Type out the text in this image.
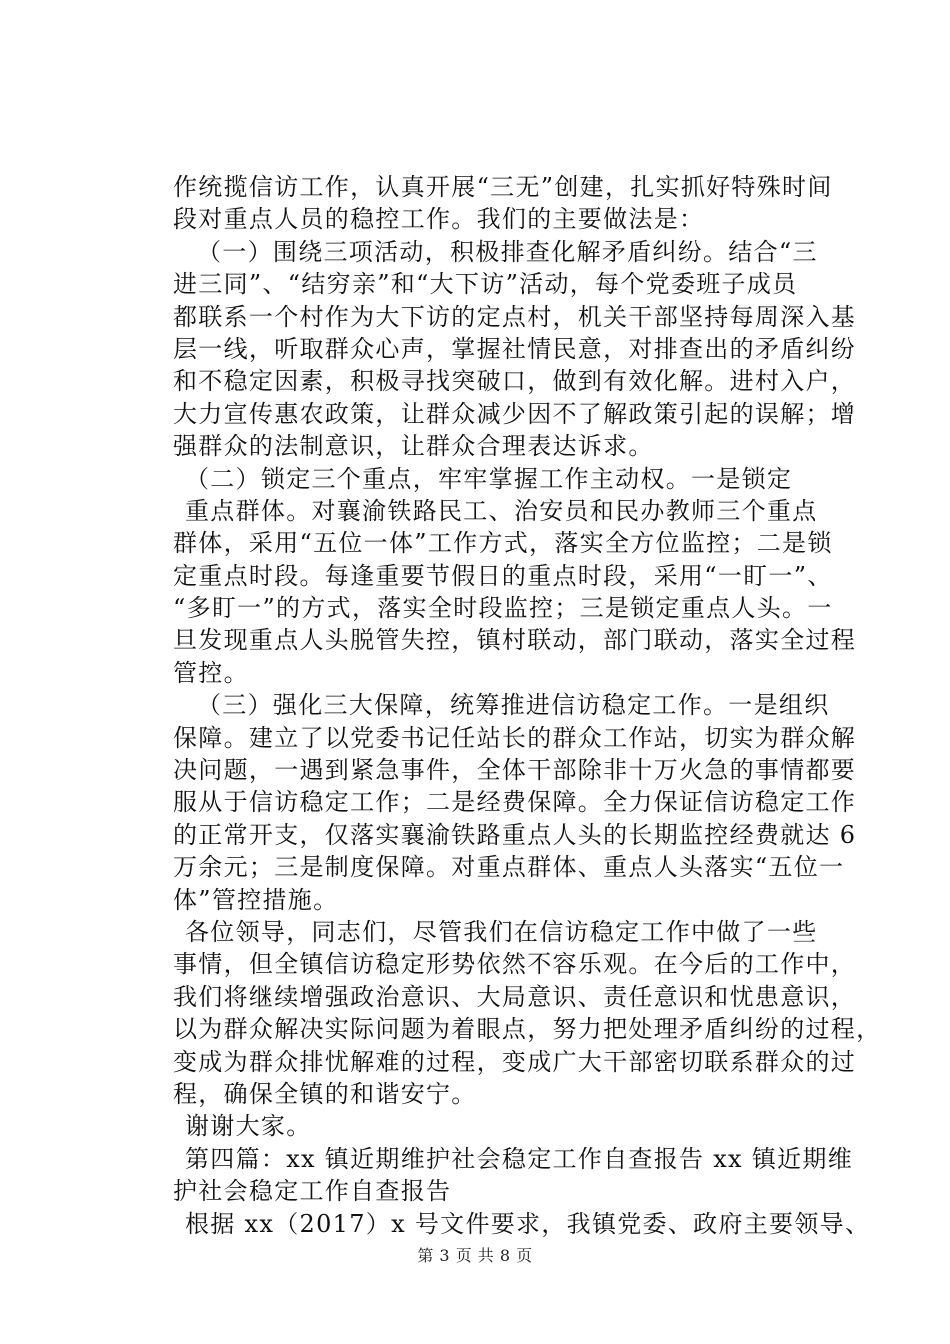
作统揽信访工作，认真开展“三无”创建，扎实抓好特殊时间
段对重点人员的稳控工作。我们的主要做法是：
（一）围绕三项活动，积极排查化解矛盾纠纷。结合“三
进三同”、“结穷亲”和“大下访”活动，每个党委班子成员
都联系一个村作为大下访的定点村，机关干部坚持每周深入基
层一线，听取群众心声，掌握社情民意，对排查出的矛盾纠纷
和不稳定因素，积极寻找突破口，做到有效化解。进村入户，
大力宣传惠农政策，让群众减少因不了解政策引起的误解；增
强群众的法制意识，让群众合理表达诉求。
（二）锁定三个重点，牢牢掌握工作主动权。一是锁定
重点群体。对襄渝铁路民工、治安员和民办教师三个重点
群体，采用“五位一体”工作方式，落实全方位监控；二是锁
定重点时段。每逢重要节假日的重点时段，采用“一盯一”、
“多盯一”的方式，落实全时段监控；三是锁定重点人头。一
旦发现重点人头脱管失控，镇村联动，部门联动，落实全过程
管控。
（三）强化三大保障，统筹推进信访稳定工作。一是组织
保障。建立了以党委书记任站长的群众工作站，切实为群众解
决问题，一遇到紧急事件，全体干部除非十万火急的事情都要
服从于信访稳定工作；二是经费保障。全力保证信访稳定工作
的正常开支，仅落实襄渝铁路重点人头的长期监控经费就达 6
万余元；三是制度保障。对重点群体、重点人头落实“五位一
体”管控措施。
各位领导，同志们，尽管我们在信访稳定工作中做了一些
事情，但全镇信访稳定形势依然不容乐观。在今后的工作中，
我们将继续增强政治意识、大局意识、责任意识和忧患意识，
以为群众解决实际问题为着眼点，努力把处理矛盾纠纷的过程，
变成为群众排忧解难的过程，变成广大干部密切联系群众的过
程，确保全镇的和谐安宁。
谢谢大家。
第四篇：xx 镇近期维护社会稳定工作自查报告 xx 镇近期维
护社会稳定工作自查报告
根据 xx（2017）x 号文件要求，我镇党委、政府主要领导、
第 3 页 共 8 页
